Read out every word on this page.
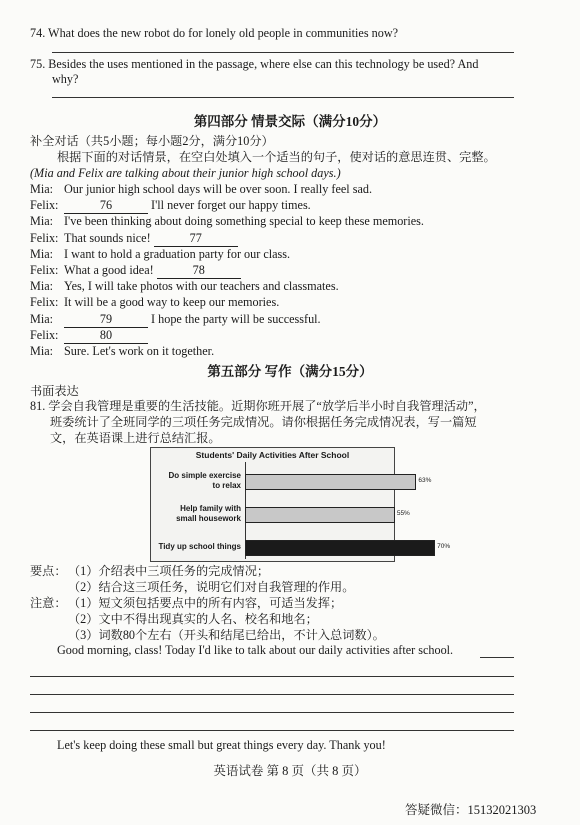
74. What does the new robot do for lonely old people in communities now?
75. Besides the uses mentioned in the passage, where else can this technology be used? And
why?
第四部分 情景交际（满分10分）
补全对话（共5小题；每小题2分，满分10分）
根据下面的对话情景，在空白处填入一个适当的句子，使对话的意思连贯、完整。
(Mia and Felix are talking about their junior high school days.)
Mia: Our junior high school days will be over soon. I really feel sad.
Felix:	76	I'll never forget our happy times.
Mia: I've been thinking about doing something special to keep these memories.
Felix: That sounds nice!	77
Mia: I want to hold a graduation party for our class.
Felix: What a good idea!	78
Mia: Yes, I will take photos with our teachers and classmates.
Felix: It will be a good way to keep our memories.
Mia:	79	I hope the party will be successful.
Felix:	80
Mia: Sure. Let's work on it together.
第五部分 写作（满分15分）
书面表达
81. 学会自我管理是重要的生活技能。近期你班开展了“放学后半小时自我管理活动”，
班委统计了全班同学的三项任务完成情况。请你根据任务完成情况表，写一篇短
文，在英语课上进行总结汇报。
Students' Daily Activities After School
Do simple exercise
to relax	63%
Help family with
small housework	55%
Tidy up school things	70%
要点： （1）介绍表中三项任务的完成情况；
（2）结合这三项任务，说明它们对自我管理的作用。
注意： （1）短文须包括要点中的所有内容，可适当发挥；
（2）文中不得出现真实的人名、校名和地名；
（3）词数80个左右（开头和结尾已给出，不计入总词数）。
Good morning, class! Today I'd like to talk about our daily activities after school.
Let's keep doing these small but great things every day. Thank you!
英语试卷 第 8 页（共 8 页）
答疑微信：15132021303
